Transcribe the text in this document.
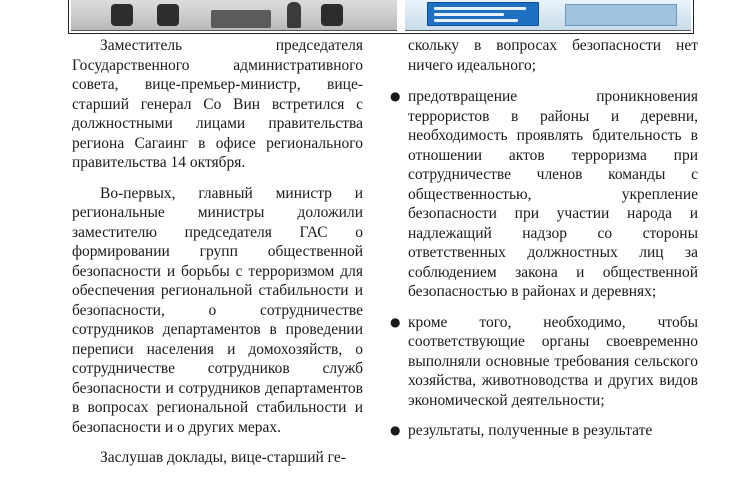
Заместитель председателя Государственного административного совета, вице-премьер-министр, вице-старший генерал Со Вин встретился с должностными лицами правительства региона Сагаинг в офисе регионального правительства 14 октября.

Во-первых, главный министр и региональные министры доложили заместителю председателя ГАС о формировании групп общественной безопасности и борьбы с терроризмом для обеспечения региональной стабильности и безопасности, о сотрудничестве сотрудников департаментов в проведении переписи населения и домохозяйств, о сотрудничестве сотрудников служб безопасности и сотрудников департаментов в вопросах региональной стабильности и безопасности и о других мерах.

Заслушав доклады, вице-старший ге-

скольку в вопросах безопасности нет ничего идеального;

● предотвращение проникновения террористов в районы и деревни, необходимость проявлять бдительность в отношении актов терроризма при сотрудничестве членов команды с общественностью, укрепление безопасности при участии народа и надлежащий надзор со стороны ответственных должностных лиц за соблюдением закона и общественной безопасностью в районах и деревнях;
● кроме того, необходимо, чтобы соответствующие органы своевременно выполняли основные требования сельского хозяйства, животноводства и других видов экономической деятельности;
● результаты, полученные в результате
